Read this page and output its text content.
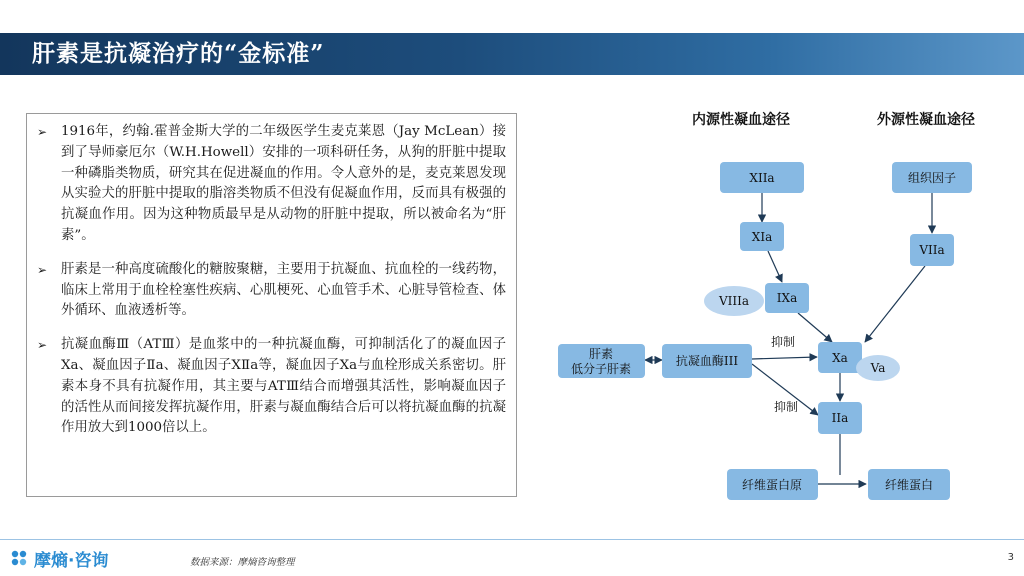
肝素是抗凝治疗的“金标准”

➢ 1916年，约翰.霍普金斯大学的二年级医学生麦克莱恩（Jay McLean）接到了导师豪厄尔（W.H.Howell）安排的一项科研任务，从狗的肝脏中提取一种磷脂类物质，研究其在促进凝血的作用。令人意外的是，麦克莱恩发现从实验犬的肝脏中提取的脂溶类物质不但没有促凝血作用，反而具有极强的抗凝血作用。因为这种物质最早是从动物的肝脏中提取，所以被命名为“肝素”。

➢ 肝素是一种高度硫酸化的糖胺聚糖，主要用于抗凝血、抗血栓的一线药物，临床上常用于血栓栓塞性疾病、心肌梗死、心血管手术、心脏导管检查、体外循环、血液透析等。

➢ 抗凝血酶Ⅲ（ATⅢ）是血浆中的一种抗凝血酶，可抑制活化了的凝血因子Xa、凝血因子Ⅱa、凝血因子XⅡa等，凝血因子Xa与血栓形成关系密切。肝素本身不具有抗凝作用，其主要与ATⅢ结合而增强其活性，影响凝血因子的活性从而间接发挥抗凝作用，肝素与凝血酶结合后可以将抗凝血酶的抗凝作用放大到1000倍以上。

内源性凝血途径	外源性凝血途径
抑制
抑制
XIIa
XIa
VIIIa IXa
组织因子
VIIa
Xa
Va
IIa
肝素
低分子肝素
抗凝血酶III
纤维蛋白原	纤维蛋白
摩熵·咨询	数据来源：摩熵咨询整理	3
